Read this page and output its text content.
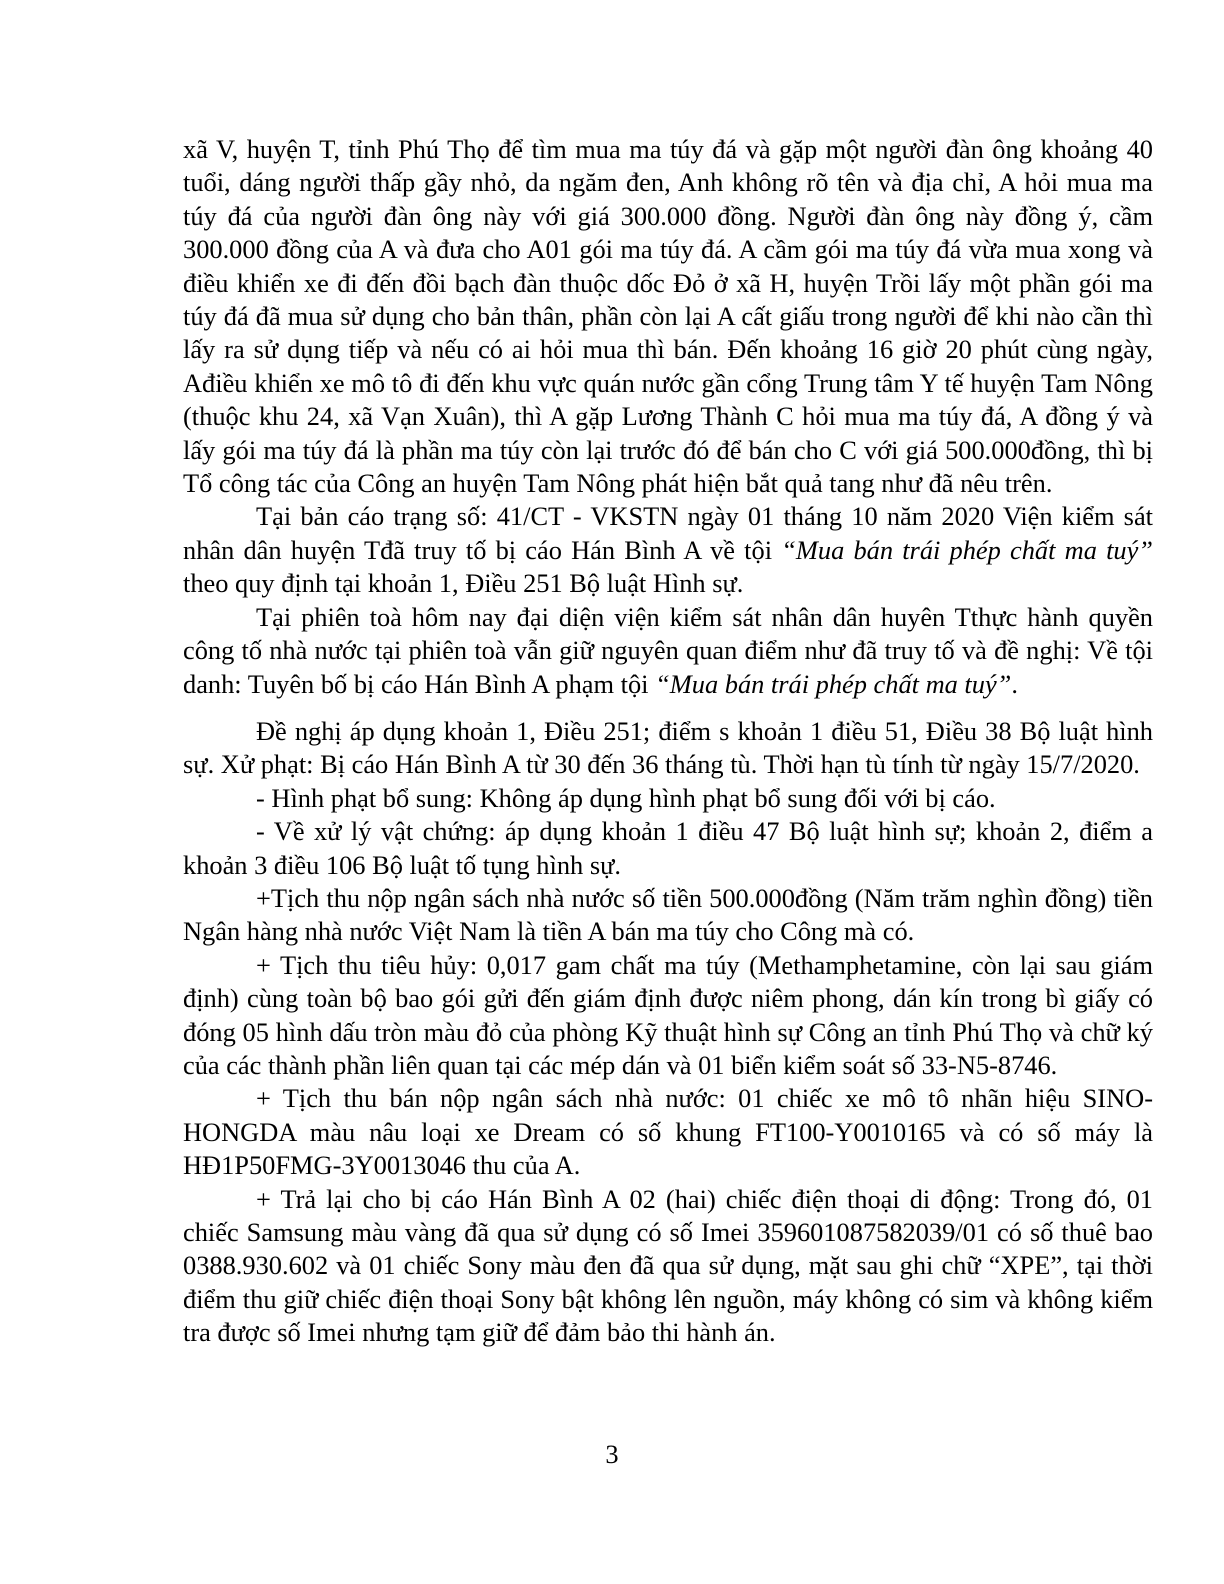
xã V, huyện T, tỉnh Phú Thọ để tìm mua ma túy đá và gặp một người đàn ông khoảng 40 tuổi, dáng người thấp gầy nhỏ, da ngăm đen, Anh không rõ tên và địa chỉ, A hỏi mua ma túy đá của người đàn ông này với giá 300.000 đồng. Người đàn ông này đồng ý, cầm 300.000 đồng của A và đưa cho A01 gói ma túy đá. A cầm gói ma túy đá vừa mua xong và điều khiển xe đi đến đồi bạch đàn thuộc dốc Đỏ ở xã H, huyện Trồi lấy một phần gói ma túy đá đã mua sử dụng cho bản thân, phần còn lại A cất giấu trong người để khi nào cần thì lấy ra sử dụng tiếp và nếu có ai hỏi mua thì bán. Đến khoảng 16 giờ 20 phút cùng ngày, Ađiều khiển xe mô tô đi đến khu vực quán nước gần cổng Trung tâm Y tế huyện Tam Nông (thuộc khu 24, xã Vạn Xuân), thì A gặp Lương Thành C hỏi mua ma túy đá, A đồng ý và lấy gói ma túy đá là phần ma túy còn lại trước đó để bán cho C với giá 500.000đồng, thì bị Tổ công tác của Công an huyện Tam Nông phát hiện bắt quả tang như đã nêu trên.

Tại bản cáo trạng số: 41/CT - VKSTN ngày 01 tháng 10 năm 2020 Viện kiểm sát nhân dân huyện Tđã truy tố bị cáo Hán Bình A về tội “Mua bán trái phép chất ma tuý” theo quy định tại khoản 1, Điều 251 Bộ luật Hình sự.

Tại phiên toà hôm nay đại diện viện kiểm sát nhân dân huyên Tthực hành quyền công tố nhà nước tại phiên toà vẫn giữ nguyên quan điểm như đã truy tố và đề nghị: Về tội danh: Tuyên bố bị cáo Hán Bình A phạm tội “Mua bán trái phép chất ma tuý”.

Đề nghị áp dụng khoản 1, Điều 251; điểm s khoản 1 điều 51, Điều 38 Bộ luật hình sự. Xử phạt: Bị cáo Hán Bình A từ 30 đến 36 tháng tù. Thời hạn tù tính từ ngày 15/7/2020.

- Hình phạt bổ sung: Không áp dụng hình phạt bổ sung đối với bị cáo.

- Về xử lý vật chứng: áp dụng khoản 1 điều 47 Bộ luật hình sự; khoản 2, điểm a khoản 3 điều 106 Bộ luật tố tụng hình sự.

+Tịch thu nộp ngân sách nhà nước số tiền 500.000đồng (Năm trăm nghìn đồng) tiền Ngân hàng nhà nước Việt Nam là tiền A bán ma túy cho Công mà có.

+ Tịch thu tiêu hủy: 0,017 gam chất ma túy (Methamphetamine, còn lại sau giám định) cùng toàn bộ bao gói gửi đến giám định được niêm phong, dán kín trong bì giấy có đóng 05 hình dấu tròn màu đỏ của phòng Kỹ thuật hình sự Công an tỉnh Phú Thọ và chữ ký của các thành phần liên quan tại các mép dán và 01 biển kiểm soát số 33-N5-8746.

+ Tịch thu bán nộp ngân sách nhà nước: 01 chiếc xe mô tô nhãn hiệu SINO-HONGDA màu nâu loại xe Dream có số khung FT100-Y0010165 và có số máy là HĐ1P50FMG-3Y0013046 thu của A.

+ Trả lại cho bị cáo Hán Bình A 02 (hai) chiếc điện thoại di động: Trong đó, 01 chiếc Samsung màu vàng đã qua sử dụng có số Imei 359601087582039/01 có số thuê bao 0388.930.602 và 01 chiếc Sony màu đen đã qua sử dụng, mặt sau ghi chữ “XPE”, tại thời điểm thu giữ chiếc điện thoại Sony bật không lên nguồn, máy không có sim và không kiểm tra được số Imei nhưng tạm giữ để đảm bảo thi hành án.

3
